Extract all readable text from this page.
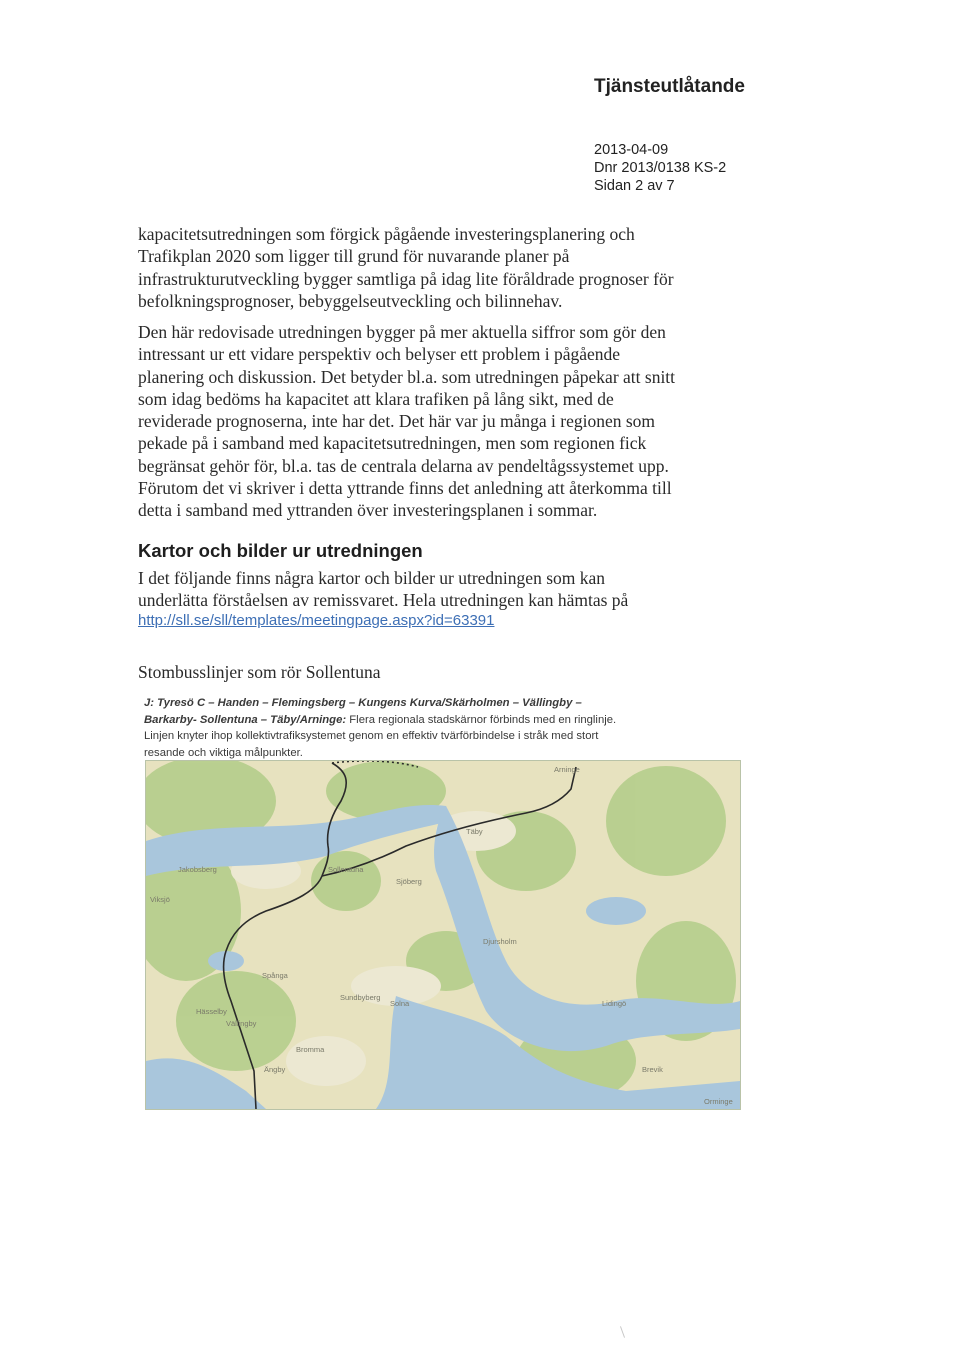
Tjänsteutlåtande
2013-04-09
Dnr 2013/0138 KS-2
Sidan 2 av 7
kapacitetsutredningen som förgick pågående investeringsplanering och
Trafikplan 2020 som ligger till grund för nuvarande planer på
infrastrukturutveckling bygger samtliga på idag lite föråldrade prognoser för
befolkningsprognoser, bebyggelseutveckling och bilinnehav.
Den här redovisade utredningen bygger på mer aktuella siffror som gör den
intressant ur ett vidare perspektiv och belyser ett problem i pågående
planering och diskussion. Det betyder bl.a. som utredningen påpekar att snitt
som idag bedöms ha kapacitet att klara trafiken på lång sikt, med de
reviderade prognoserna, inte har det. Det här var ju många i regionen som
pekade på i samband med kapacitetsutredningen, men som regionen fick
begränsat gehör för, bl.a. tas de centrala delarna av pendeltågssystemet upp.
Förutom det vi skriver i detta yttrande finns det anledning att återkomma till
detta i samband med yttranden över investeringsplanen i sommar.
Kartor och bilder ur utredningen
I det följande finns några kartor och bilder ur utredningen som kan
underlätta förståelsen av remissvaret. Hela utredningen kan hämtas på
http://sll.se/sll/templates/meetingpage.aspx?id=63391
Stombusslinjer som rör Sollentuna
J: Tyresö C – Handen – Flemingsberg – Kungens Kurva/Skärholmen – Vällingby –
Barkarby- Sollentuna – Täby/Arninge: Flera regionala stadskärnor förbinds med en ringlinje.
Linjen knyter ihop kollektivtrafiksystemet genom en effektiv tvärförbindelse i stråk med stort
resande och viktiga målpunkter.
Arninge
Täby
Jakobsberg	Sollentuna
Sjöberg
Viksjö
Djursholm
Spånga
Sundbyberg
Solna	Lidingö
Hässelby
Vällingby
Bromma
Ängby	Brevik
Orminge
